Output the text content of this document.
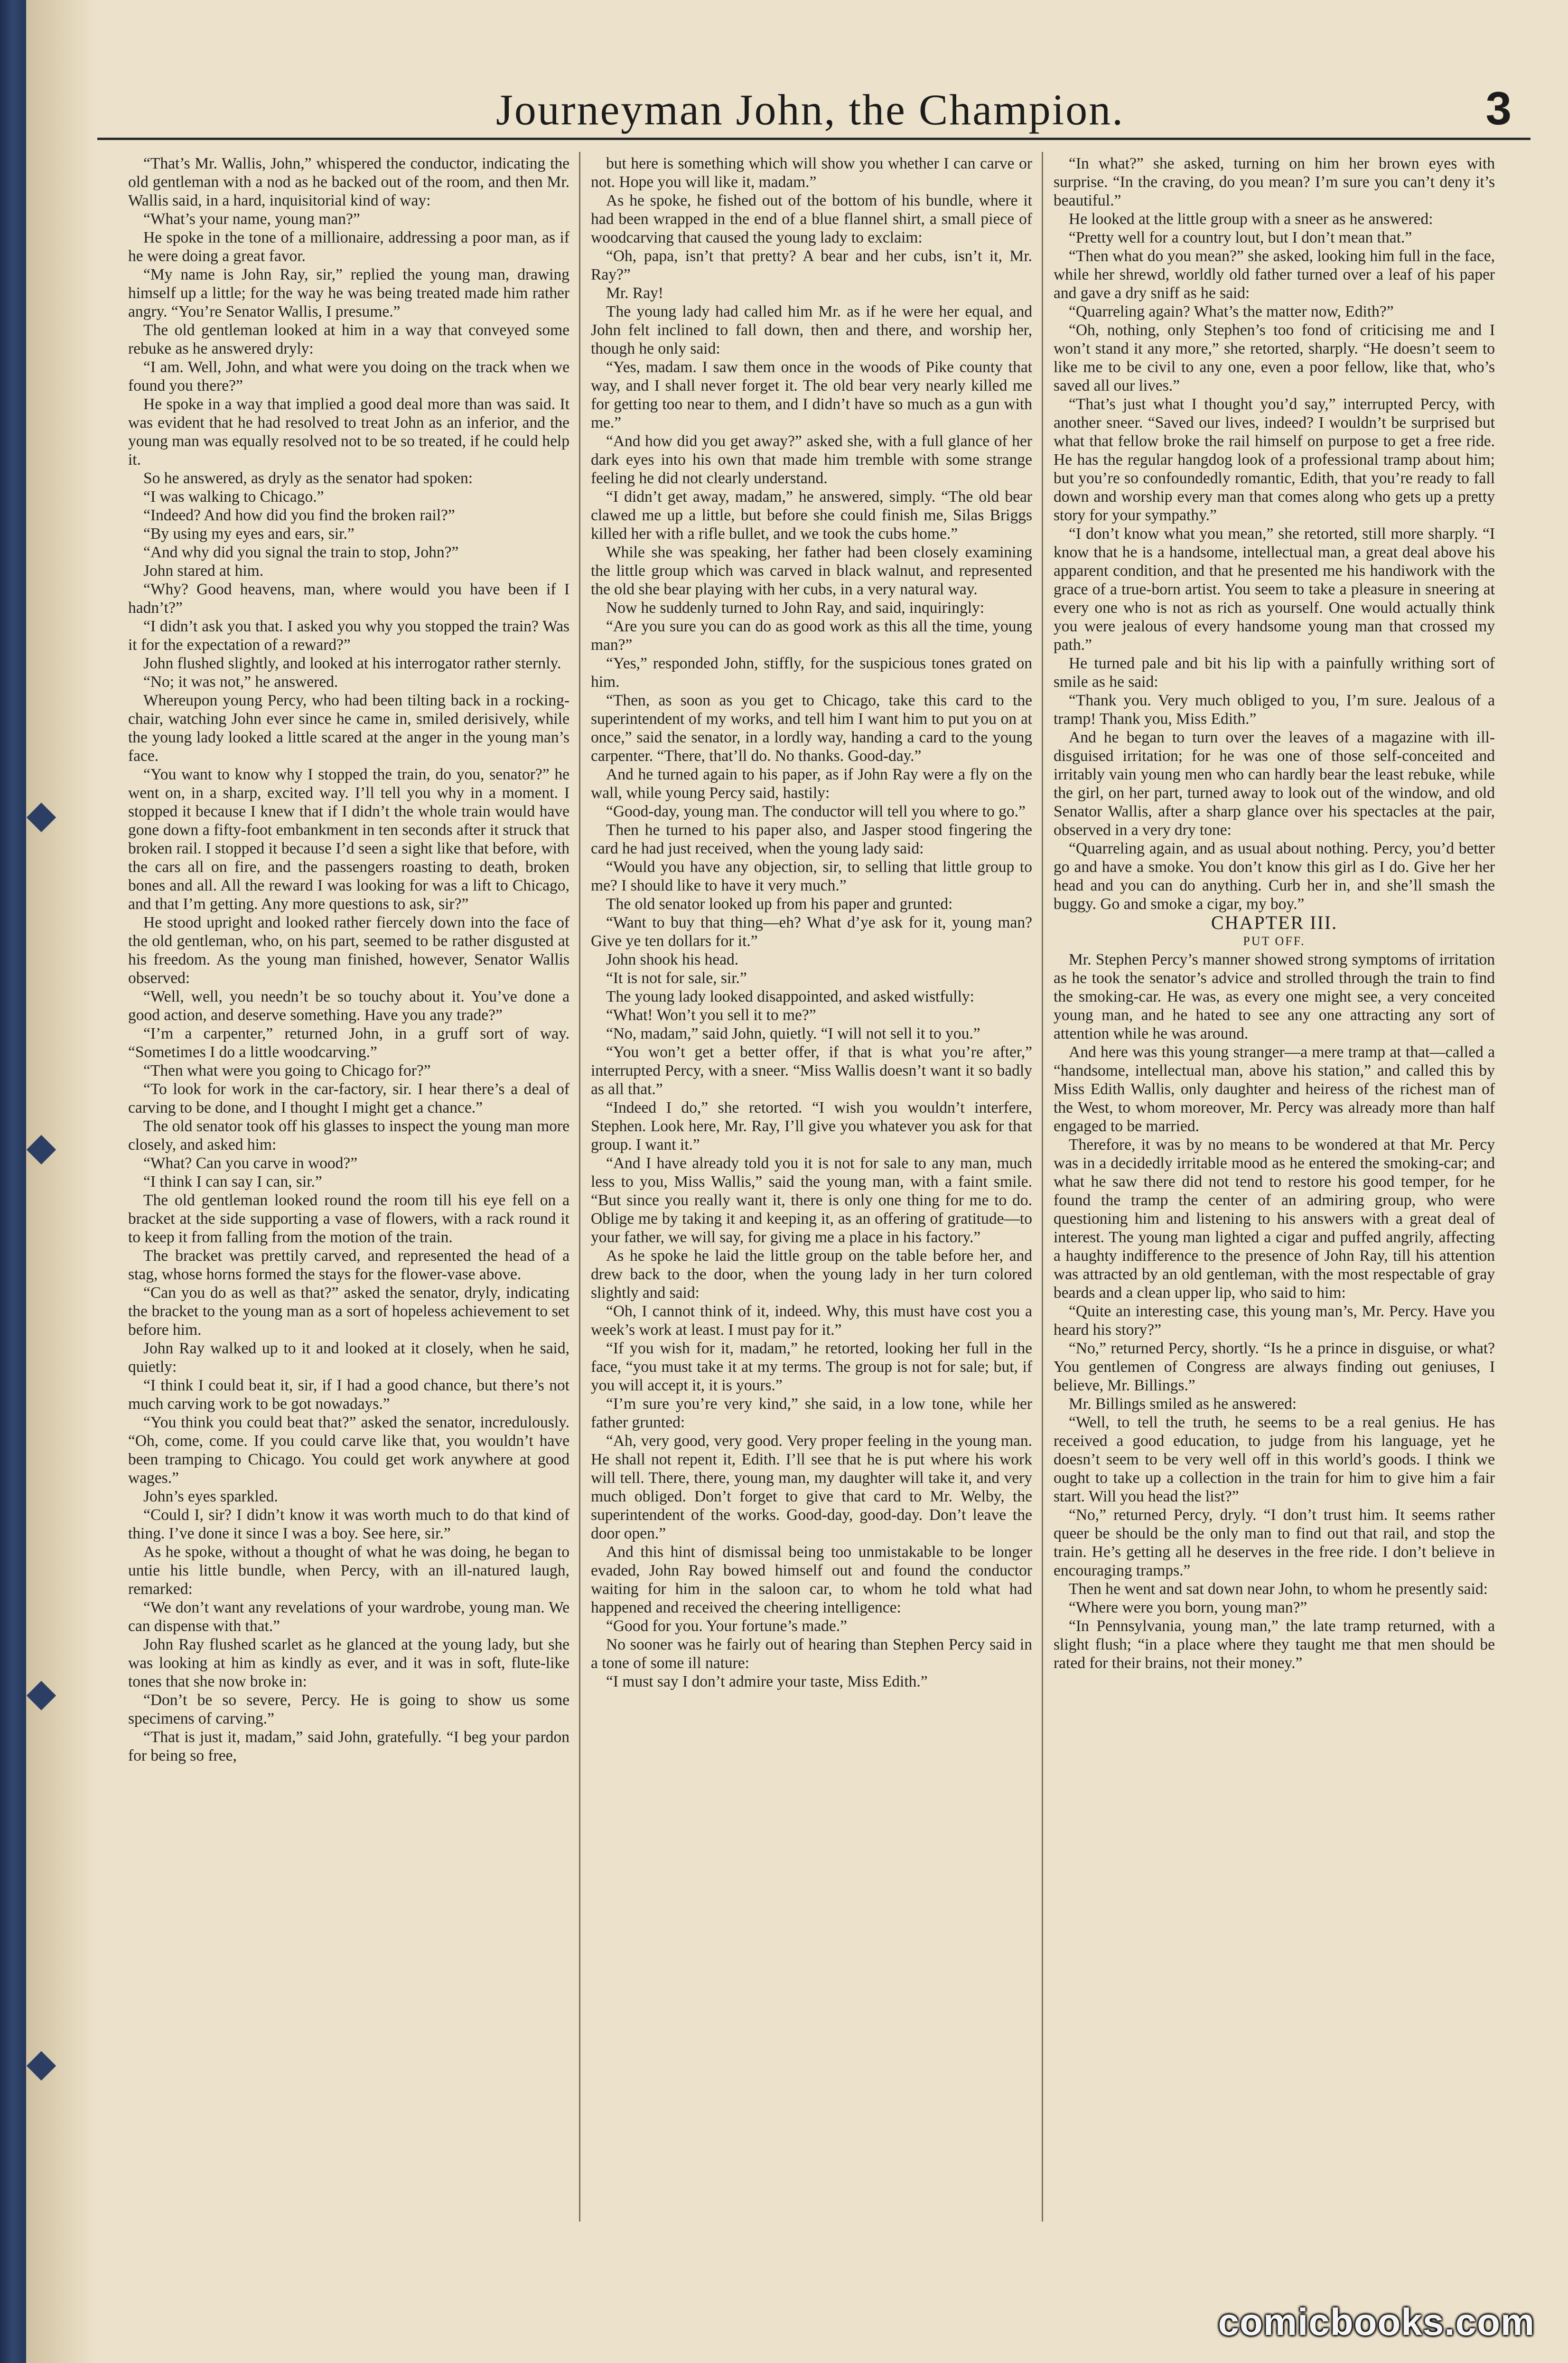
Journeyman John, the Champion.	3

“That’s Mr. Wallis, John,” whispered the conductor, indicating the old gentleman with a nod as he backed out of the room, and then Mr. Wallis said, in a hard, inquisitorial kind of way:

“What’s your name, young man?”

He spoke in the tone of a millionaire, addressing a poor man, as if he were doing a great favor.

“My name is John Ray, sir,” replied the young man, drawing himself up a little; for the way he was being treated made him rather angry. “You’re Senator Wallis, I presume.”

The old gentleman looked at him in a way that conveyed some rebuke as he answered dryly:

“I am. Well, John, and what were you doing on the track when we found you there?”

He spoke in a way that implied a good deal more than was said. It was evident that he had resolved to treat John as an inferior, and the young man was equally resolved not to be so treated, if he could help it.

So he answered, as dryly as the senator had spoken:

“I was walking to Chicago.”

“Indeed? And how did you find the broken rail?”

“By using my eyes and ears, sir.”

“And why did you signal the train to stop, John?”

John stared at him.

“Why? Good heavens, man, where would you have been if I hadn’t?”

“I didn’t ask you that. I asked you why you stopped the train? Was it for the expectation of a reward?”

John flushed slightly, and looked at his interrogator rather sternly.

“No; it was not,” he answered.

Whereupon young Percy, who had been tilting back in a rocking-chair, watching John ever since he came in, smiled derisively, while the young lady looked a little scared at the anger in the young man’s face.

“You want to know why I stopped the train, do you, senator?” he went on, in a sharp, excited way. I’ll tell you why in a moment. I stopped it because I knew that if I didn’t the whole train would have gone down a fifty-foot embankment in ten seconds after it struck that broken rail. I stopped it because I’d seen a sight like that before, with the cars all on fire, and the passengers roasting to death, broken bones and all. All the reward I was looking for was a lift to Chicago, and that I’m getting. Any more questions to ask, sir?”

He stood upright and looked rather fiercely down into the face of the old gentleman, who, on his part, seemed to be rather disgusted at his freedom. As the young man finished, however, Senator Wallis observed:

“Well, well, you needn’t be so touchy about it. You’ve done a good action, and deserve something. Have you any trade?”

“I’m a carpenter,” returned John, in a gruff sort of way. “Sometimes I do a little woodcarving.”

“Then what were you going to Chicago for?”

“To look for work in the car-factory, sir. I hear there’s a deal of carving to be done, and I thought I might get a chance.”

The old senator took off his glasses to inspect the young man more closely, and asked him:

“What? Can you carve in wood?”

“I think I can say I can, sir.”

The old gentleman looked round the room till his eye fell on a bracket at the side supporting a vase of flowers, with a rack round it to keep it from falling from the motion of the train.

The bracket was prettily carved, and represented the head of a stag, whose horns formed the stays for the flower-vase above.

“Can you do as well as that?” asked the senator, dryly, indicating the bracket to the young man as a sort of hopeless achievement to set before him.

John Ray walked up to it and looked at it closely, when he said, quietly:

“I think I could beat it, sir, if I had a good chance, but there’s not much carving work to be got nowadays.”

“You think you could beat that?” asked the senator, incredulously. “Oh, come, come. If you could carve like that, you wouldn’t have been tramping to Chicago. You could get work anywhere at good wages.”

John’s eyes sparkled.

“Could I, sir? I didn’t know it was worth much to do that kind of thing. I’ve done it since I was a boy. See here, sir.”

As he spoke, without a thought of what he was doing, he began to untie his little bundle, when Percy, with an ill-natured laugh, remarked:

“We don’t want any revelations of your wardrobe, young man. We can dispense with that.”

John Ray flushed scarlet as he glanced at the young lady, but she was looking at him as kindly as ever, and it was in soft, flute-like tones that she now broke in:

“Don’t be so severe, Percy. He is going to show us some specimens of carving.”

“That is just it, madam,” said John, gratefully. “I beg your pardon for being so free,

but here is something which will show you whether I can carve or not. Hope you will like it, madam.”

As he spoke, he fished out of the bottom of his bundle, where it had been wrapped in the end of a blue flannel shirt, a small piece of woodcarving that caused the young lady to exclaim:

“Oh, papa, isn’t that pretty? A bear and her cubs, isn’t it, Mr. Ray?”

Mr. Ray!

The young lady had called him Mr. as if he were her equal, and John felt inclined to fall down, then and there, and worship her, though he only said:

“Yes, madam. I saw them once in the woods of Pike county that way, and I shall never forget it. The old bear very nearly killed me for getting too near to them, and I didn’t have so much as a gun with me.”

“And how did you get away?” asked she, with a full glance of her dark eyes into his own that made him tremble with some strange feeling he did not clearly understand.

“I didn’t get away, madam,” he answered, simply. “The old bear clawed me up a little, but before she could finish me, Silas Briggs killed her with a rifle bullet, and we took the cubs home.”

While she was speaking, her father had been closely examining the little group which was carved in black walnut, and represented the old she bear playing with her cubs, in a very natural way.

Now he suddenly turned to John Ray, and said, inquiringly:

“Are you sure you can do as good work as this all the time, young man?”

“Yes,” responded John, stiffly, for the suspicious tones grated on him.

“Then, as soon as you get to Chicago, take this card to the superintendent of my works, and tell him I want him to put you on at once,” said the senator, in a lordly way, handing a card to the young carpenter. “There, that’ll do. No thanks. Good-day.”

And he turned again to his paper, as if John Ray were a fly on the wall, while young Percy said, hastily:

“Good-day, young man. The conductor will tell you where to go.”

Then he turned to his paper also, and Jasper stood fingering the card he had just received, when the young lady said:

“Would you have any objection, sir, to selling that little group to me? I should like to have it very much.”

The old senator looked up from his paper and grunted:

“Want to buy that thing—eh? What d’ye ask for it, young man? Give ye ten dollars for it.”

John shook his head.

“It is not for sale, sir.”

The young lady looked disappointed, and asked wistfully:

“What! Won’t you sell it to me?”

“No, madam,” said John, quietly. “I will not sell it to you.”

“You won’t get a better offer, if that is what you’re after,” interrupted Percy, with a sneer. “Miss Wallis doesn’t want it so badly as all that.”

“Indeed I do,” she retorted. “I wish you wouldn’t interfere, Stephen. Look here, Mr. Ray, I’ll give you whatever you ask for that group. I want it.”

“And I have already told you it is not for sale to any man, much less to you, Miss Wallis,” said the young man, with a faint smile. “But since you really want it, there is only one thing for me to do. Oblige me by taking it and keeping it, as an offering of gratitude—to your father, we will say, for giving me a place in his factory.”

As he spoke he laid the little group on the table before her, and drew back to the door, when the young lady in her turn colored slightly and said:

“Oh, I cannot think of it, indeed. Why, this must have cost you a week’s work at least. I must pay for it.”

“If you wish for it, madam,” he retorted, looking her full in the face, “you must take it at my terms. The group is not for sale; but, if you will accept it, it is yours.”

“I’m sure you’re very kind,” she said, in a low tone, while her father grunted:

“Ah, very good, very good. Very proper feeling in the young man. He shall not repent it, Edith. I’ll see that he is put where his work will tell. There, there, young man, my daughter will take it, and very much obliged. Don’t forget to give that card to Mr. Welby, the superintendent of the works. Good-day, good-day. Don’t leave the door open.”

And this hint of dismissal being too unmistakable to be longer evaded, John Ray bowed himself out and found the conductor waiting for him in the saloon car, to whom he told what had happened and received the cheering intelligence:

“Good for you. Your fortune’s made.”

No sooner was he fairly out of hearing than Stephen Percy said in a tone of some ill nature:

“I must say I don’t admire your taste, Miss Edith.”

“In what?” she asked, turning on him her brown eyes with surprise. “In the craving, do you mean? I’m sure you can’t deny it’s beautiful.”

He looked at the little group with a sneer as he answered:

“Pretty well for a country lout, but I don’t mean that.”

“Then what do you mean?” she asked, looking him full in the face, while her shrewd, worldly old father turned over a leaf of his paper and gave a dry sniff as he said:

“Quarreling again? What’s the matter now, Edith?”

“Oh, nothing, only Stephen’s too fond of criticising me and I won’t stand it any more,” she retorted, sharply. “He doesn’t seem to like me to be civil to any one, even a poor fellow, like that, who’s saved all our lives.”

“That’s just what I thought you’d say,” interrupted Percy, with another sneer. “Saved our lives, indeed? I wouldn’t be surprised but what that fellow broke the rail himself on purpose to get a free ride. He has the regular hangdog look of a professional tramp about him; but you’re so confoundedly romantic, Edith, that you’re ready to fall down and worship every man that comes along who gets up a pretty story for your sympathy.”

“I don’t know what you mean,” she retorted, still more sharply. “I know that he is a handsome, intellectual man, a great deal above his apparent condition, and that he presented me his handiwork with the grace of a true-born artist. You seem to take a pleasure in sneering at every one who is not as rich as yourself. One would actually think you were jealous of every handsome young man that crossed my path.”

He turned pale and bit his lip with a painfully writhing sort of smile as he said:

“Thank you. Very much obliged to you, I’m sure. Jealous of a tramp! Thank you, Miss Edith.”

And he began to turn over the leaves of a magazine with ill-disguised irritation; for he was one of those self-conceited and irritably vain young men who can hardly bear the least rebuke, while the girl, on her part, turned away to look out of the window, and old Senator Wallis, after a sharp glance over his spectacles at the pair, observed in a very dry tone:

“Quarreling again, and as usual about nothing. Percy, you’d better go and have a smoke. You don’t know this girl as I do. Give her her head and you can do anything. Curb her in, and she’ll smash the buggy. Go and smoke a cigar, my boy.”

CHAPTER III.

PUT OFF.

Mr. Stephen Percy’s manner showed strong symptoms of irritation as he took the senator’s advice and strolled through the train to find the smoking-car. He was, as every one might see, a very conceited young man, and he hated to see any one attracting any sort of attention while he was around.

And here was this young stranger—a mere tramp at that—called a “handsome, intellectual man, above his station,” and called this by Miss Edith Wallis, only daughter and heiress of the richest man of the West, to whom moreover, Mr. Percy was already more than half engaged to be married.

Therefore, it was by no means to be wondered at that Mr. Percy was in a decidedly irritable mood as he entered the smoking-car; and what he saw there did not tend to restore his good temper, for he found the tramp the center of an admiring group, who were questioning him and listening to his answers with a great deal of interest. The young man lighted a cigar and puffed angrily, affecting a haughty indifference to the presence of John Ray, till his attention was attracted by an old gentleman, with the most respectable of gray beards and a clean upper lip, who said to him:

“Quite an interesting case, this young man’s, Mr. Percy. Have you heard his story?”

“No,” returned Percy, shortly. “Is he a prince in disguise, or what? You gentlemen of Congress are always finding out geniuses, I believe, Mr. Billings.”

Mr. Billings smiled as he answered:

“Well, to tell the truth, he seems to be a real genius. He has received a good education, to judge from his language, yet he doesn’t seem to be very well off in this world’s goods. I think we ought to take up a collection in the train for him to give him a fair start. Will you head the list?”

“No,” returned Percy, dryly. “I don’t trust him. It seems rather queer be should be the only man to find out that rail, and stop the train. He’s getting all he deserves in the free ride. I don’t believe in encouraging tramps.”

Then he went and sat down near John, to whom he presently said:

“Where were you born, young man?”

“In Pennsylvania, young man,” the late tramp returned, with a slight flush; “in a place where they taught me that men should be rated for their brains, not their money.”

comicbooks.com
